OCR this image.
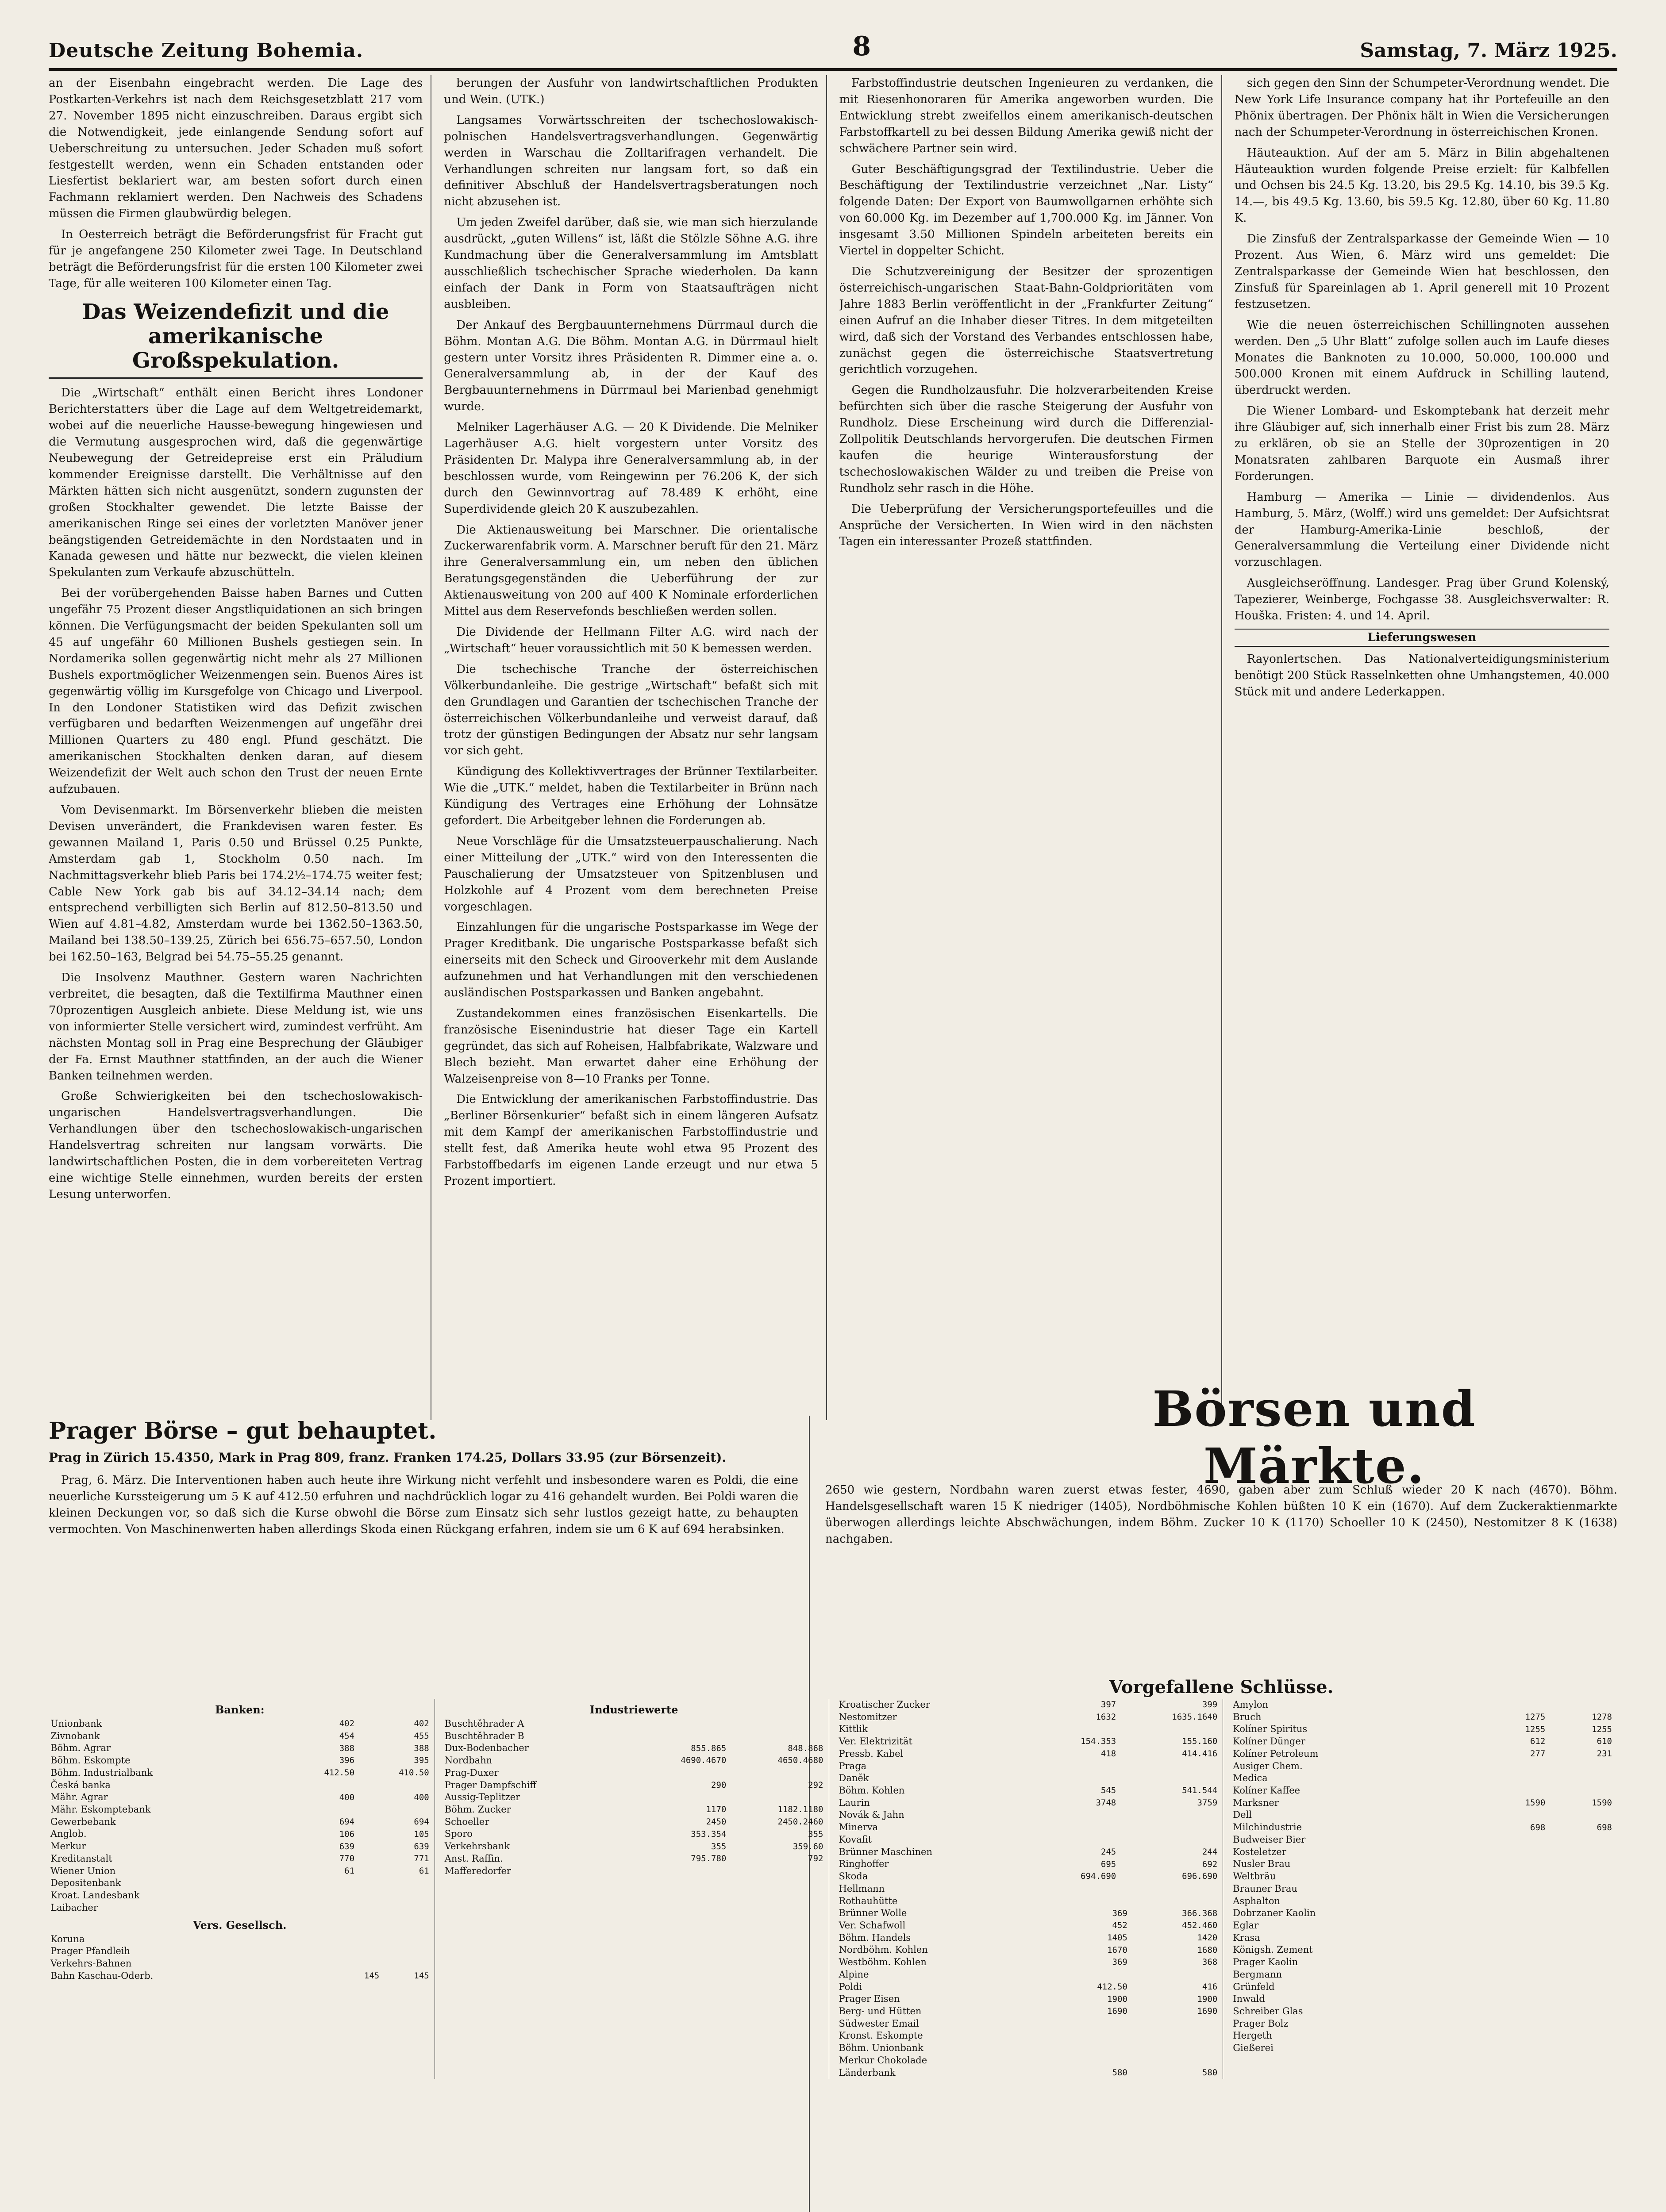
Deutsche Zeitung Bohemia.	8	Samstag, 7. März 1925.

an der Eisenbahn eingebracht werden. Die Lage des Postkarten-Verkehrs ist nach dem Reichsgesetzblatt 217 vom 27. November 1895 nicht einzuschreiben. Daraus ergibt sich die Notwendigkeit, jede einlangende Sendung sofort auf Ueberschreitung zu untersuchen. Jeder Schaden muß sofort festgestellt werden, wenn ein Schaden entstanden oder Liesfertist beklariert war, am besten sofort durch einen Fachmann reklamiert werden. Den Nachweis des Schadens müssen die Firmen glaubwürdig belegen.

In Oesterreich beträgt die Beförderungsfrist für Fracht gut für je angefangene 250 Kilometer zwei Tage. In Deutschland beträgt die Beförderungsfrist für die ersten 100 Kilometer zwei Tage, für alle weiteren 100 Kilometer einen Tag.

Das Weizendefizit und die amerikanische Großspekulation.

Die „Wirtschaft“ enthält einen Bericht ihres Londoner Berichterstatters über die Lage auf dem Weltgetreidemarkt, wobei auf die neuerliche Hausse-bewegung hingewiesen und die Vermutung ausgesprochen wird, daß die gegenwärtige Neubewegung der Getreidepreise erst ein Präludium kommender Ereignisse darstellt. Die Verhältnisse auf den Märkten hätten sich nicht ausgenützt, sondern zugunsten der großen Stockhalter gewendet. Die letzte Baisse der amerikanischen Ringe sei eines der vorletzten Manöver jener beängstigenden Getreidemächte in den Nordstaaten und in Kanada gewesen und hätte nur bezweckt, die vielen kleinen Spekulanten zum Verkaufe abzuschütteln.

Bei der vorübergehenden Baisse haben Barnes und Cutten ungefähr 75 Prozent dieser Angstliquidationen an sich bringen können. Die Verfügungsmacht der beiden Spekulanten soll um 45 auf ungefähr 60 Millionen Bushels gestiegen sein. In Nordamerika sollen gegenwärtig nicht mehr als 27 Millionen Bushels exportmöglicher Weizenmengen sein. Buenos Aires ist gegenwärtig völlig im Kursgefolge von Chicago und Liverpool. In den Londoner Statistiken wird das Defizit zwischen verfügbaren und bedarften Weizenmengen auf ungefähr drei Millionen Quarters zu 480 engl. Pfund geschätzt. Die amerikanischen Stockhalten denken daran, auf diesem Weizendefizit der Welt auch schon den Trust der neuen Ernte aufzubauen.

Vom Devisenmarkt. Im Börsenverkehr blieben die meisten Devisen unverändert, die Frankdevisen waren fester. Es gewannen Mailand 1, Paris 0.50 und Brüssel 0.25 Punkte, Amsterdam gab 1, Stockholm 0.50 nach. Im Nachmittagsverkehr blieb Paris bei 174.2½–174.75 weiter fest; Cable New York gab bis auf 34.12–34.14 nach; dem entsprechend verbilligten sich Berlin auf 812.50–813.50 und Wien auf 4.81–4.82, Amsterdam wurde bei 1362.50–1363.50, Mailand bei 138.50–139.25, Zürich bei 656.75–657.50, London bei 162.50–163, Belgrad bei 54.75–55.25 genannt.

Die Insolvenz Mauthner. Gestern waren Nachrichten verbreitet, die besagten, daß die Textilfirma Mauthner einen 70prozentigen Ausgleich anbiete. Diese Meldung ist, wie uns von informierter Stelle versichert wird, zumindest verfrüht. Am nächsten Montag soll in Prag eine Besprechung der Gläubiger der Fa. Ernst Mauthner stattfinden, an der auch die Wiener Banken teilnehmen werden.

Große Schwierigkeiten bei den tschechoslowakisch-ungarischen Handelsvertragsverhandlungen. Die Verhandlungen über den tschechoslowakisch-ungarischen Handelsvertrag schreiten nur langsam vorwärts. Die landwirtschaftlichen Posten, die in dem vorbereiteten Vertrag eine wichtige Stelle einnehmen, wurden bereits der ersten Lesung unterworfen.

berungen der Ausfuhr von landwirtschaftlichen Produkten und Wein. (UTK.)

Langsames Vorwärtsschreiten der tschechoslowakisch-polnischen Handelsvertragsverhandlungen. Gegenwärtig werden in Warschau die Zolltarifragen verhandelt. Die Verhandlungen schreiten nur langsam fort, so daß ein definitiver Abschluß der Handelsvertragsberatungen noch nicht abzusehen ist.

Um jeden Zweifel darüber, daß sie, wie man sich hierzulande ausdrückt, „guten Willens“ ist, läßt die Stölzle Söhne A.G. ihre Kundmachung über die Generalversammlung im Amtsblatt ausschließlich tschechischer Sprache wiederholen. Da kann einfach der Dank in Form von Staatsaufträgen nicht ausbleiben.

Der Ankauf des Bergbauunternehmens Dürrmaul durch die Böhm. Montan A.G. Die Böhm. Montan A.G. in Dürrmaul hielt gestern unter Vorsitz ihres Präsidenten R. Dimmer eine a. o. Generalversammlung ab, in der der Kauf des Bergbauunternehmens in Dürrmaul bei Marienbad genehmigt wurde.

Melniker Lagerhäuser A.G. — 20 K Dividende. Die Melniker Lagerhäuser A.G. hielt vorgestern unter Vorsitz des Präsidenten Dr. Malypa ihre Generalversammlung ab, in der beschlossen wurde, vom Reingewinn per 76.206 K, der sich durch den Gewinnvortrag auf 78.489 K erhöht, eine Superdividende gleich 20 K auszubezahlen.

Die Aktienausweitung bei Marschner. Die orientalische Zuckerwarenfabrik vorm. A. Marschner beruft für den 21. März ihre Generalversammlung ein, um neben den üblichen Beratungsgegenständen die Ueberführung der zur Aktienausweitung von 200 auf 400 K Nominale erforderlichen Mittel aus dem Reservefonds beschließen werden sollen.

Die Dividende der Hellmann Filter A.G. wird nach der „Wirtschaft“ heuer voraussichtlich mit 50 K bemessen werden.

Die tschechische Tranche der österreichischen Völkerbundanleihe. Die gestrige „Wirtschaft“ befaßt sich mit den Grundlagen und Garantien der tschechischen Tranche der österreichischen Völkerbundanleihe und verweist darauf, daß trotz der günstigen Bedingungen der Absatz nur sehr langsam vor sich geht.

Kündigung des Kollektivvertrages der Brünner Textilarbeiter. Wie die „UTK.“ meldet, haben die Textilarbeiter in Brünn nach Kündigung des Vertrages eine Erhöhung der Lohnsätze gefordert. Die Arbeitgeber lehnen die Forderungen ab.

Neue Vorschläge für die Umsatzsteuerpauschalierung. Nach einer Mitteilung der „UTK.“ wird von den Interessenten die Pauschalierung der Umsatzsteuer von Spitzenblusen und Holzkohle auf 4 Prozent vom dem berechneten Preise vorgeschlagen.

Einzahlungen für die ungarische Postsparkasse im Wege der Prager Kreditbank. Die ungarische Postsparkasse befaßt sich einerseits mit den Scheck und Girooverkehr mit dem Auslande aufzunehmen und hat Verhandlungen mit den verschiedenen ausländischen Postsparkassen und Banken angebahnt.

Zustandekommen eines französischen Eisenkartells. Die französische Eisenindustrie hat dieser Tage ein Kartell gegründet, das sich auf Roheisen, Halbfabrikate, Walzware und Blech bezieht. Man erwartet daher eine Erhöhung der Walzeisenpreise von 8—10 Franks per Tonne.

Die Entwicklung der amerikanischen Farbstoffindustrie. Das „Berliner Börsenkurier“ befaßt sich in einem längeren Aufsatz mit dem Kampf der amerikanischen Farbstoffindustrie und stellt fest, daß Amerika heute wohl etwa 95 Prozent des Farbstoffbedarfs im eigenen Lande erzeugt und nur etwa 5 Prozent importiert.

Farbstoffindustrie deutschen Ingenieuren zu verdanken, die mit Riesenhonoraren für Amerika angeworben wurden. Die Entwicklung strebt zweifellos einem amerikanisch-deutschen Farbstoffkartell zu bei dessen Bildung Amerika gewiß nicht der schwächere Partner sein wird.

Guter Beschäftigungsgrad der Textilindustrie. Ueber die Beschäftigung der Textilindustrie verzeichnet „Nar. Listy“ folgende Daten: Der Export von Baumwollgarnen erhöhte sich von 60.000 Kg. im Dezember auf 1,700.000 Kg. im Jänner. Von insgesamt 3.50 Millionen Spindeln arbeiteten bereits ein Viertel in doppelter Schicht.

Die Schutzvereinigung der Besitzer der sprozentigen österreichisch-ungarischen Staat-Bahn-Goldprioritäten vom Jahre 1883 Berlin veröffentlicht in der „Frankfurter Zeitung“ einen Aufruf an die Inhaber dieser Titres. In dem mitgeteilten wird, daß sich der Vorstand des Verbandes entschlossen habe, zunächst gegen die österreichische Staatsvertretung gerichtlich vorzugehen.

Gegen die Rundholzausfuhr. Die holzverarbeitenden Kreise befürchten sich über die rasche Steigerung der Ausfuhr von Rundholz. Diese Erscheinung wird durch die Differenzial-Zollpolitik Deutschlands hervorgerufen. Die deutschen Firmen kaufen die heurige Winterausforstung der tschechoslowakischen Wälder zu und treiben die Preise von Rundholz sehr rasch in die Höhe.

Die Ueberprüfung der Versicherungsportefeuilles und die Ansprüche der Versicherten. In Wien wird in den nächsten Tagen ein interessanter Prozeß stattfinden.

sich gegen den Sinn der Schumpeter-Verordnung wendet. Die New York Life Insurance company hat ihr Portefeuille an den Phönix übertragen. Der Phönix hält in Wien die Versicherungen nach der Schumpeter-Verordnung in österreichischen Kronen.

Häuteauktion. Auf der am 5. März in Bilin abgehaltenen Häuteauktion wurden folgende Preise erzielt: für Kalbfellen und Ochsen bis 24.5 Kg. 13.20, bis 29.5 Kg. 14.10, bis 39.5 Kg. 14.—, bis 49.5 Kg. 13.60, bis 59.5 Kg. 12.80, über 60 Kg. 11.80 K.

Die Zinsfuß der Zentralsparkasse der Gemeinde Wien — 10 Prozent. Aus Wien, 6. März wird uns gemeldet: Die Zentralsparkasse der Gemeinde Wien hat beschlossen, den Zinsfuß für Spareinlagen ab 1. April generell mit 10 Prozent festzusetzen.

Wie die neuen österreichischen Schillingnoten aussehen werden. Den „5 Uhr Blatt“ zufolge sollen auch im Laufe dieses Monates die Banknoten zu 10.000, 50.000, 100.000 und 500.000 Kronen mit einem Aufdruck in Schilling lautend, überdruckt werden.

Die Wiener Lombard- und Eskomptebank hat derzeit mehr ihre Gläubiger auf, sich innerhalb einer Frist bis zum 28. März zu erklären, ob sie an Stelle der 30prozentigen in 20 Monatsraten zahlbaren Barquote ein Ausmaß ihrer Forderungen.

Hamburg — Amerika — Linie — dividendenlos. Aus Hamburg, 5. März, (Wolff.) wird uns gemeldet: Der Aufsichtsrat der Hamburg-Amerika-Linie beschloß, der Generalversammlung die Verteilung einer Dividende nicht vorzuschlagen.

Ausgleichseröffnung. Landesger. Prag über Grund Kolenský, Tapezierer, Weinberge, Fochgasse 38. Ausgleichsverwalter: R. Houška. Fristen: 4. und 14. April.

Lieferungswesen

Rayonlertschen. Das Nationalverteidigungsministerium benötigt 200 Stück Rasselnketten ohne Umhangstemen, 40.000 Stück mit und andere Lederkappen.

Prager Börse – gut behauptet.
Prag in Zürich 15.4350, Mark in Prag 809, franz. Franken 174.25, Dollars 33.95 (zur Börsenzeit).

Prag, 6. März. Die Interventionen haben auch heute ihre Wirkung nicht verfehlt und insbesondere waren es Poldi, die eine neuerliche Kurssteigerung um 5 K auf 412.50 erfuhren und nachdrücklich logar zu 416 gehandelt wurden. Bei Poldi waren die kleinen Deckungen vor, so daß sich die Kurse obwohl die Börse zum Einsatz sich sehr lustlos gezeigt hatte, zu behaupten vermochten. Von Maschinenwerten haben allerdings Skoda einen Rückgang erfahren, indem sie um 6 K auf 694 herabsinken.

2650 wie gestern, Nordbahn waren zuerst etwas fester, 4690, gaben aber zum Schluß wieder 20 K nach (4670). Böhm. Handelsgesellschaft waren 15 K niedriger (1405), Nordböhmische Kohlen büßten 10 K ein (1670). Auf dem Zuckeraktienmarkte überwogen allerdings leichte Abschwächungen, indem Böhm. Zucker 10 K (1170) Schoeller 10 K (2450), Nestomitzer 8 K (1638) nachgaben.

Vorgefallene Schlüsse.
Banken:
Unionbank	402	402
Zivnobank	454	455
Böhm. Agrar	388	388
Böhm. Eskompte	396	395
Böhm. Industrialbank	412.50	410.50
Česká banka		
Mähr. Agrar	400	400
Mähr. Eskomptebank		
Gewerbebank	694	694
Anglob.	106	105
Merkur	639	639
Kreditanstalt	770	771
Wiener Union	61	61
Depositenbank		
Kroat. Landesbank		
Laibacher		
Vers. Gesellsch.
Koruna		
Prager Pfandleih		
Verkehrs-Bahnen		
Bahn Kaschau-Oderb.	145	145
Industriewerte
Buschtěhrader A		
Buschtěhrader B		
Dux-Bodenbacher	855.865	848.868
Nordbahn	4690.4670	4650.4680
Prag-Duxer		
Prager Dampfschiff	290	292
Aussig-Teplitzer		
Böhm. Zucker	1170	1182.1180
Schoeller	2450	2450.2460
Sporo	353.354	355
Verkehrsbank	355	359.60
Anst. Raffin.	795.780	792
Mafferedorfer		
Kroatischer Zucker	397	399
Nestomitzer	1632	1635.1640
Kittlik		
Ver. Elektrizität	154.353	155.160
Pressb. Kabel	418	414.416
Praga		
Daněk		
Böhm. Kohlen	545	541.544
Laurin	3748	3759
Novák & Jahn		
Minerva		
Kovafit		
Brünner Maschinen	245	244
Ringhoffer	695	692
Skoda	694.690	696.690
Hellmann		
Rothauhütte		
Brünner Wolle	369	366.368
Ver. Schafwoll	452	452.460
Böhm. Handels	1405	1420
Nordböhm. Kohlen	1670	1680
Westböhm. Kohlen	369	368
Alpine		
Poldi	412.50	416
Prager Eisen	1900	1900
Berg- und Hütten	1690	1690
Südwester Email		
Kronst. Eskompte		
Böhm. Unionbank		
Merkur Chokolade		
Länderbank	580	580
Amylon		
Bruch	1275	1278
Kolíner Spiritus	1255	1255
Kolíner Dünger	612	610
Kolíner Petroleum	277	231
Ausiger Chem.		
Medica		
Kolíner Kaffee		
Marksner	1590	1590
Dell		
Milchindustrie	698	698
Budweiser Bier		
Kosteletzer		
Nusler Brau		
Weltbräu		
Brauner Brau		
Asphalton		
Dobrzaner Kaolin		
Eglar		
Krasa		
Königsh. Zement		
Prager Kaolin		
Bergmann		
Grünfeld		
Inwald		
Schreiber Glas		
Prager Bolz		
Hergeth		
Gießerei		
Börsen und Märkte.
